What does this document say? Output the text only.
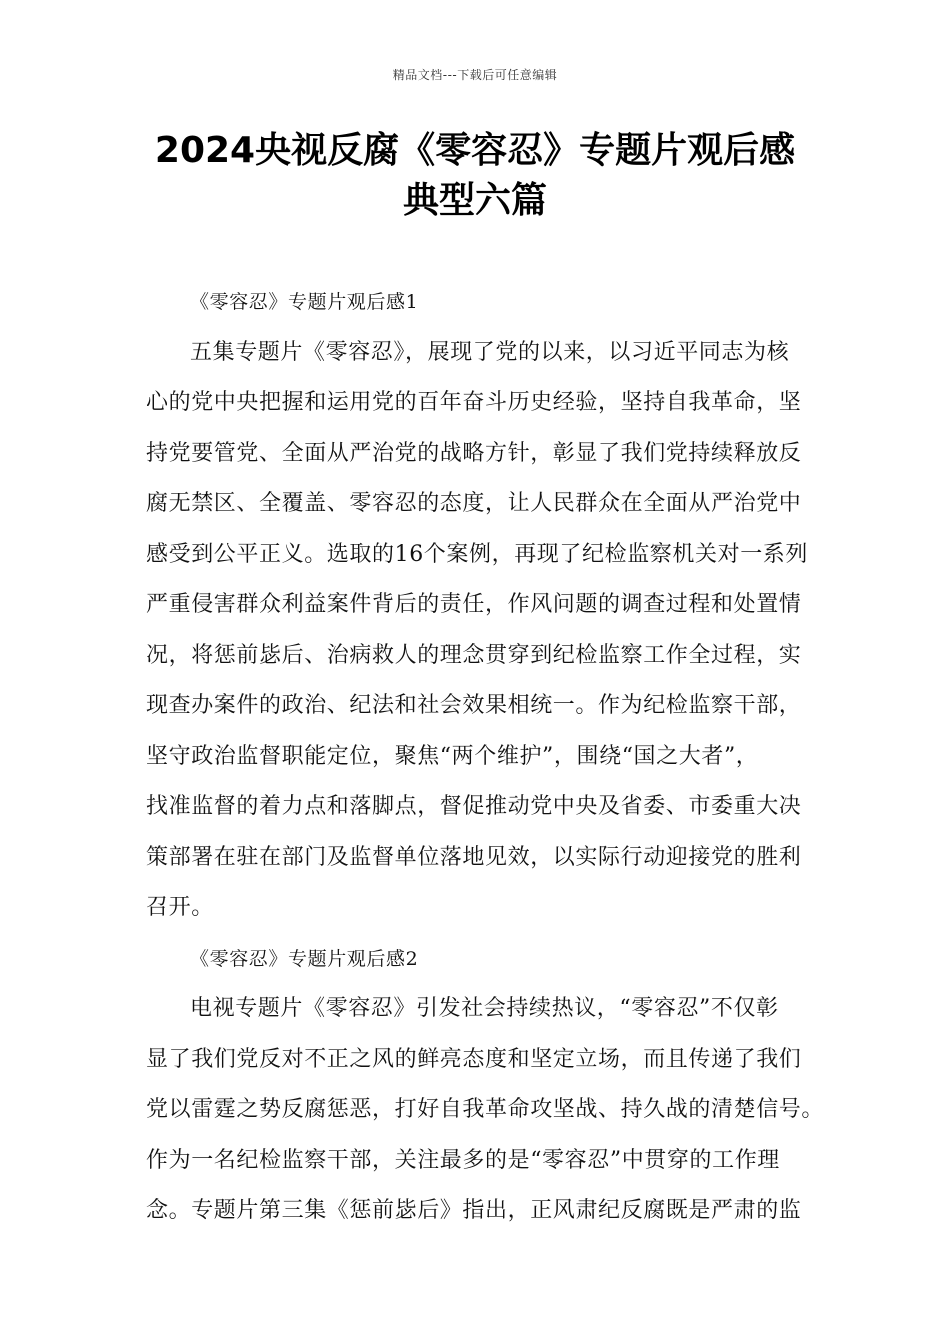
精品文档---下载后可任意编辑
2024央视反腐《零容忍》专题片观后感
典型六篇
《零容忍》专题片观后感1
五集专题片《零容忍》，展现了党的以来，以习近平同志为核
心的党中央把握和运用党的百年奋斗历史经验，坚持自我革命，坚
持党要管党、全面从严治党的战略方针，彰显了我们党持续释放反
腐无禁区、全覆盖、零容忍的态度，让人民群众在全面从严治党中
感受到公平正义。选取的16个案例，再现了纪检监察机关对一系列
严重侵害群众利益案件背后的责任，作风问题的调查过程和处置情
况，将惩前毖后、治病救人的理念贯穿到纪检监察工作全过程，实
现查办案件的政治、纪法和社会效果相统一。作为纪检监察干部，
坚守政治监督职能定位，聚焦“两个维护”，围绕“国之大者”，
找准监督的着力点和落脚点，督促推动党中央及省委、市委重大决
策部署在驻在部门及监督单位落地见效，以实际行动迎接党的胜利
召开。
《零容忍》专题片观后感2
电视专题片《零容忍》引发社会持续热议，“零容忍”不仅彰
显了我们党反对不正之风的鲜亮态度和坚定立场，而且传递了我们
党以雷霆之势反腐惩恶，打好自我革命攻坚战、持久战的清楚信号。
作为一名纪检监察干部，关注最多的是“零容忍”中贯穿的工作理
念。专题片第三集《惩前毖后》指出，正风肃纪反腐既是严肃的监
